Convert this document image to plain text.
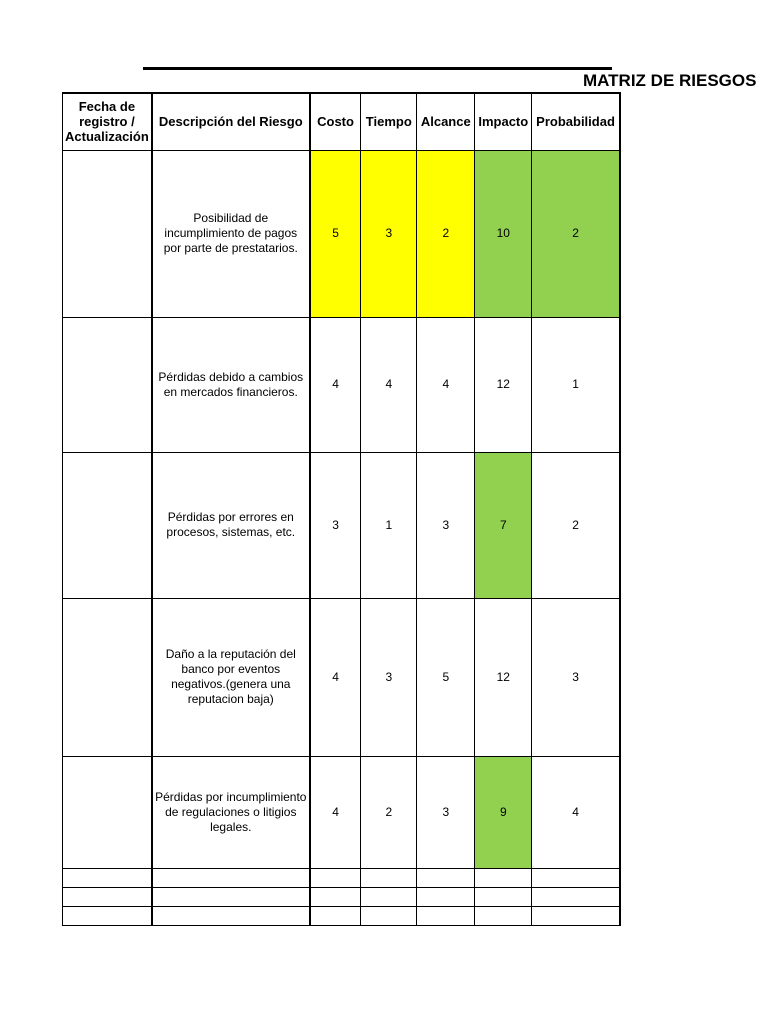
MATRIZ DE RIESGOS
Fecha de registro / Actualización	Descripción del Riesgo	Costo	Tiempo	Alcance	Impacto	Probabilidad
	Posibilidad de incumplimiento de pagos por parte de prestatarios.	5	3	2	10	2
	Pérdidas debido a cambios en mercados financieros.	4	4	4	12	1
	Pérdidas por errores en procesos, sistemas, etc.	3	1	3	7	2
	Daño a la reputación del banco por eventos negativos.(genera una reputacion baja)	4	3	5	12	3
	Pérdidas por incumplimiento de regulaciones o litigios legales.	4	2	3	9	4
